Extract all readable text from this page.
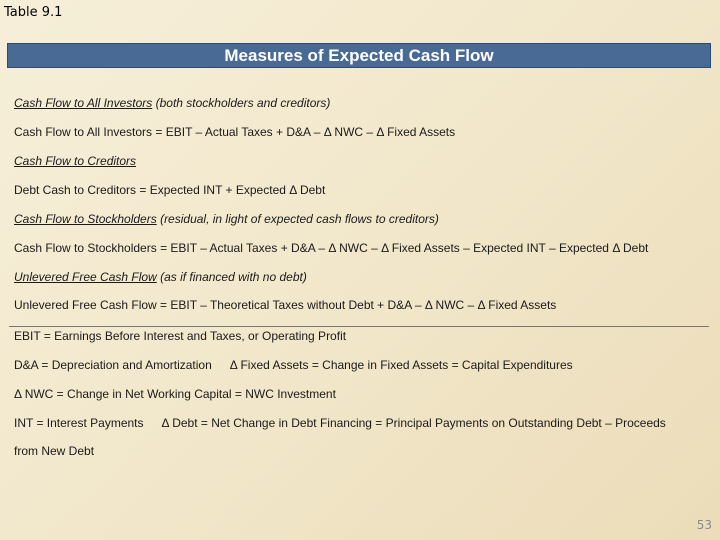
Table 9.1
Measures of Expected Cash Flow
Cash Flow to All Investors (both stockholders and creditors)
Cash Flow to All Investors = EBIT – Actual Taxes + D&A – Δ NWC – Δ Fixed Assets
Cash Flow to Creditors
Debt Cash to Creditors = Expected INT + Expected Δ Debt
Cash Flow to Stockholders (residual, in light of expected cash flows to creditors)
Cash Flow to Stockholders = EBIT – Actual Taxes + D&A – Δ NWC – Δ Fixed Assets – Expected INT – Expected Δ Debt
Unlevered Free Cash Flow (as if financed with no debt)
Unlevered Free Cash Flow = EBIT – Theoretical Taxes without Debt + D&A – Δ NWC – Δ Fixed Assets
EBIT = Earnings Before Interest and Taxes, or Operating Profit
D&A = Depreciation and Amortization Δ Fixed Assets = Change in Fixed Assets = Capital Expenditures
Δ NWC = Change in Net Working Capital = NWC Investment
INT = Interest Payments Δ Debt = Net Change in Debt Financing = Principal Payments on Outstanding Debt – Proceeds
from New Debt
53
